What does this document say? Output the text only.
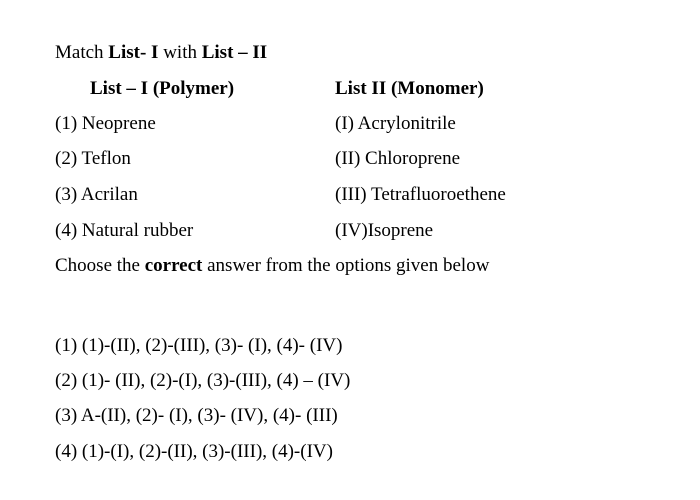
Match List- I with List – II
List – I (Polymer)	List II (Monomer)
(1) Neoprene	(I) Acrylonitrile
(2) Teflon	(II) Chloroprene
(3) Acrilan	(III) Tetrafluoroethene
(4) Natural rubber	(IV)Isoprene
Choose the correct answer from the options given below
(1) (1)-(II), (2)-(III), (3)- (I), (4)- (IV)
(2) (1)- (II), (2)-(I), (3)-(III), (4) – (IV)
(3) A-(II), (2)- (I), (3)- (IV), (4)- (III)
(4) (1)-(I), (2)-(II), (3)-(III), (4)-(IV)
